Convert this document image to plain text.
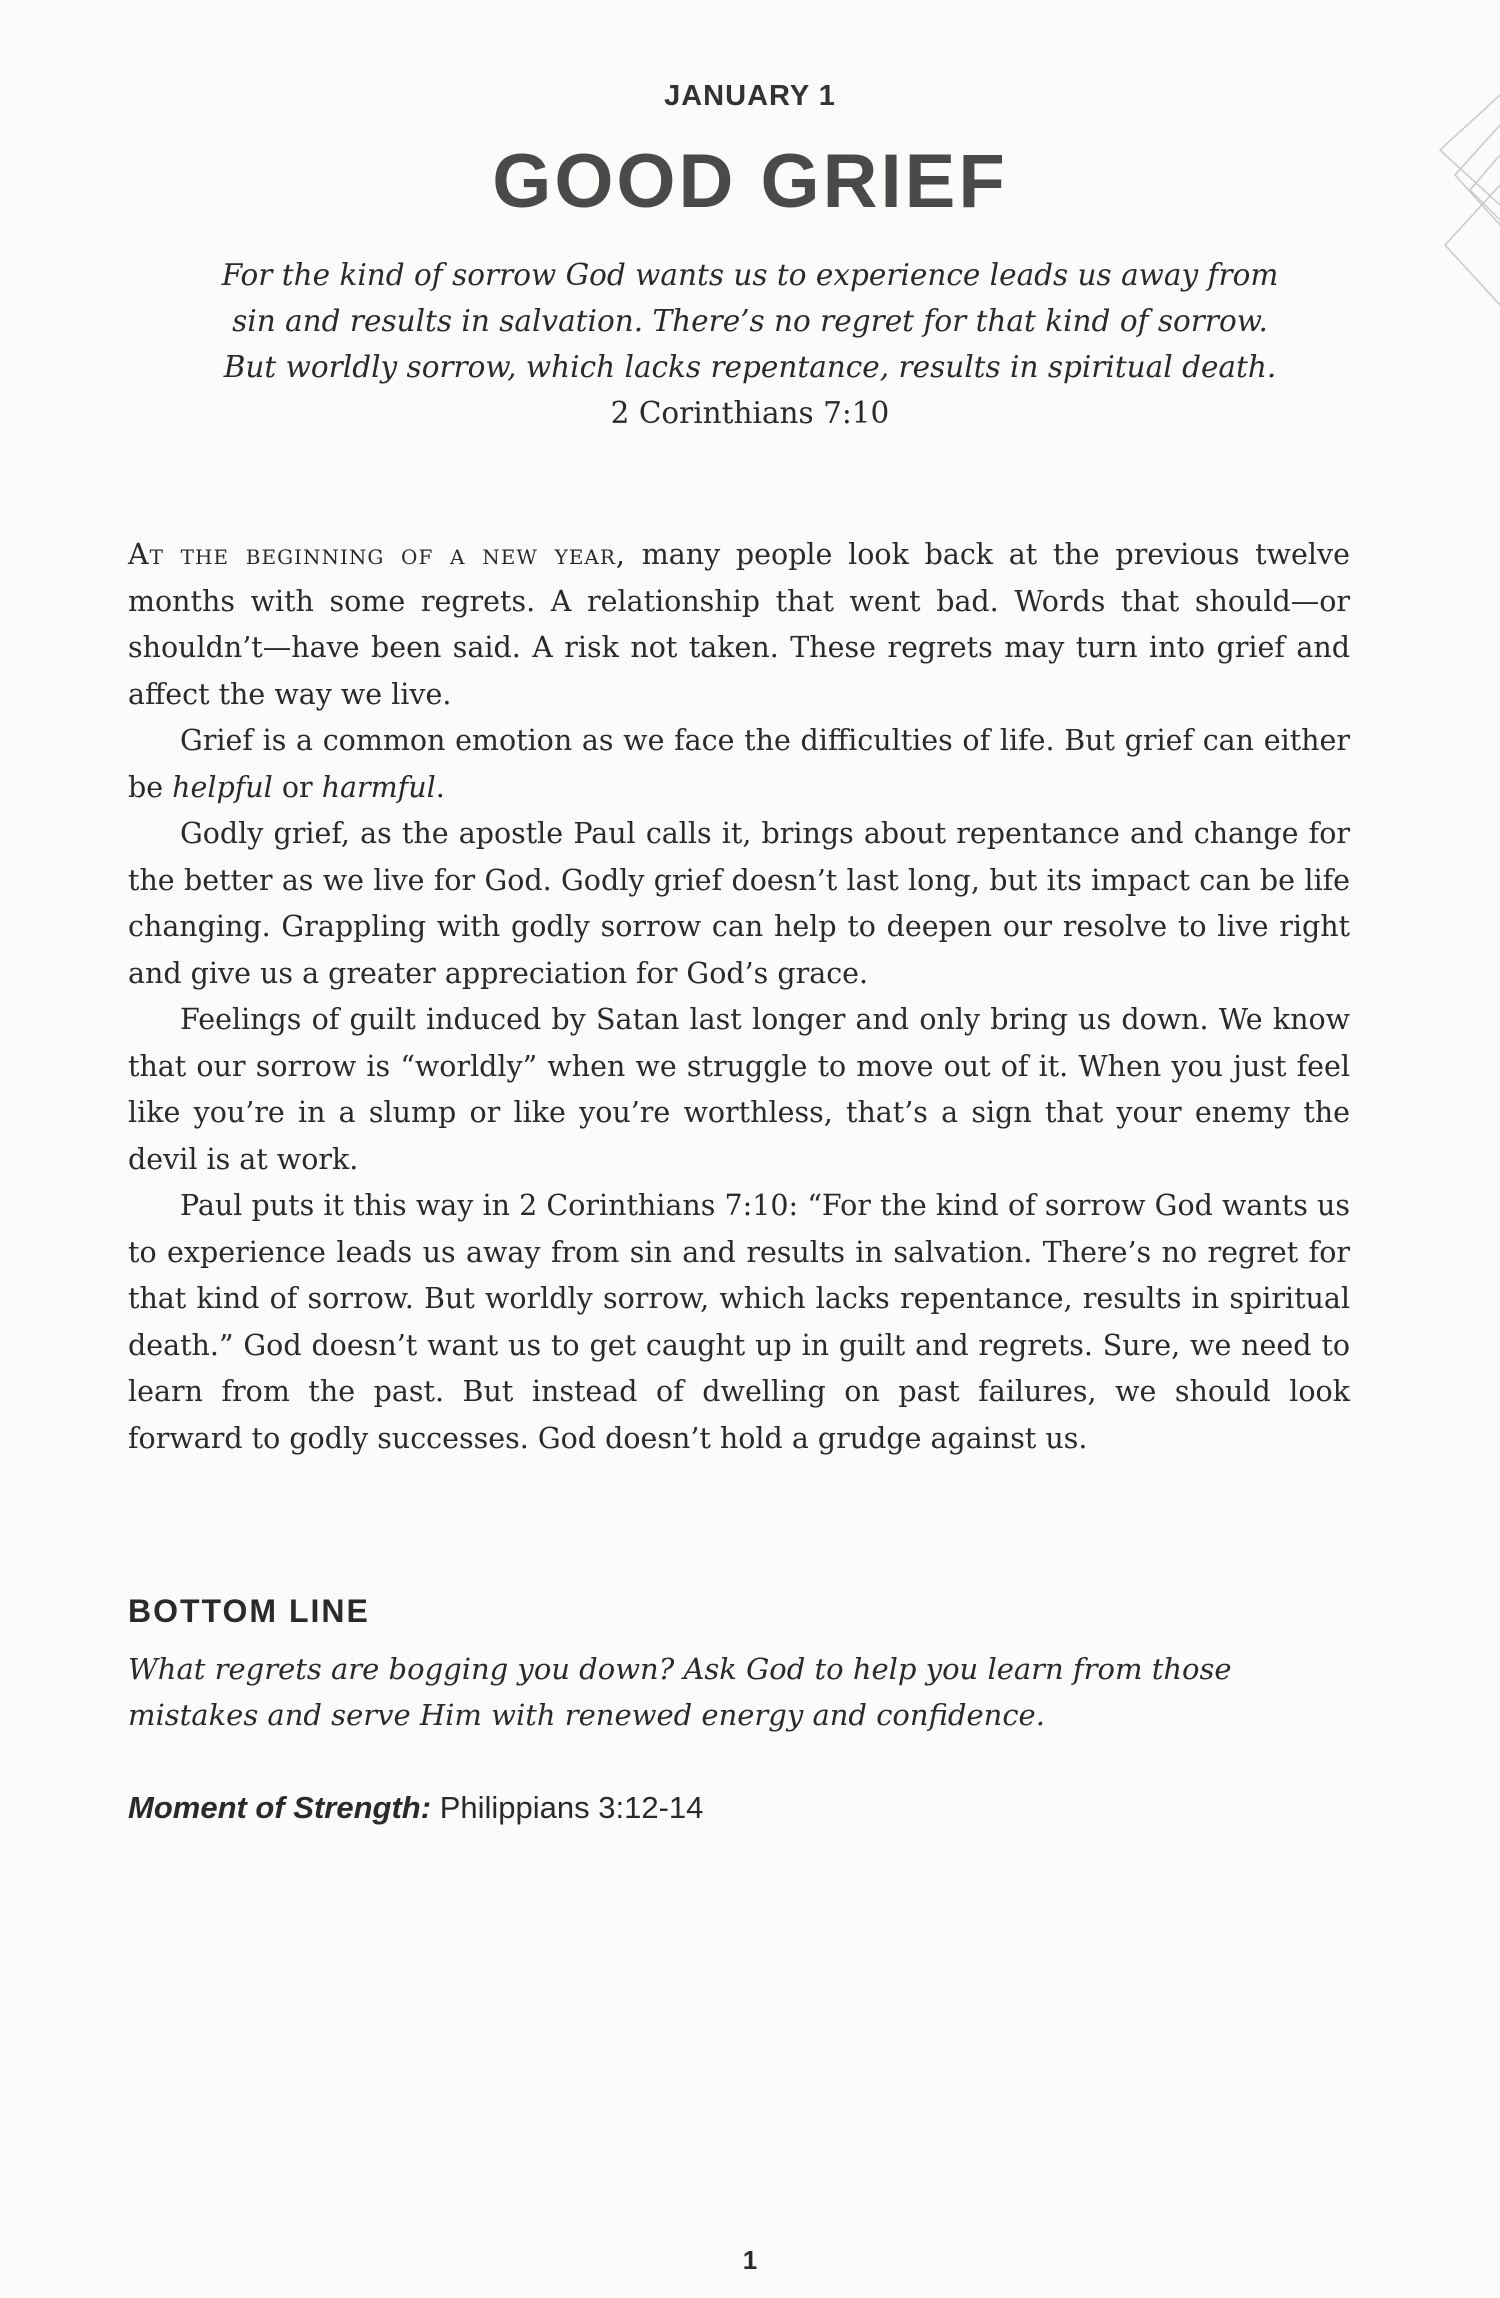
JANUARY 1
GOOD GRIEF
For the kind of sorrow God wants us to experience leads us away from
sin and results in salvation. There’s no regret for that kind of sorrow.
But worldly sorrow, which lacks repentance, results in spiritual death.
2 Corinthians 7:10

At the beginning of a new year, many people look back at the previous twelve months with some regrets. A relationship that went bad. Words that should—or shouldn’t—have been said. A risk not taken. These regrets may turn into grief and affect the way we live.

Grief is a common emotion as we face the difficulties of life. But grief can either be helpful or harmful.

Godly grief, as the apostle Paul calls it, brings about repentance and change for the better as we live for God. Godly grief doesn’t last long, but its impact can be life changing. Grappling with godly sorrow can help to deepen our resolve to live right and give us a greater appreciation for God’s grace.

Feelings of guilt induced by Satan last longer and only bring us down. We know that our sorrow is “worldly” when we struggle to move out of it. When you just feel like you’re in a slump or like you’re worthless, that’s a sign that your enemy the devil is at work.

Paul puts it this way in 2 Corinthians 7:10: “For the kind of sorrow God wants us to experience leads us away from sin and results in salvation. There’s no regret for that kind of sorrow. But worldly sorrow, which lacks repentance, results in spiritual death.” God doesn’t want us to get caught up in guilt and regrets. Sure, we need to learn from the past. But instead of dwelling on past failures, we should look forward to godly successes. God doesn’t hold a grudge against us.

BOTTOM LINE
What regrets are bogging you down? Ask God to help you learn from those
mistakes and serve Him with renewed energy and confidence.
Moment of Strength: Philippians 3:12-14
1
